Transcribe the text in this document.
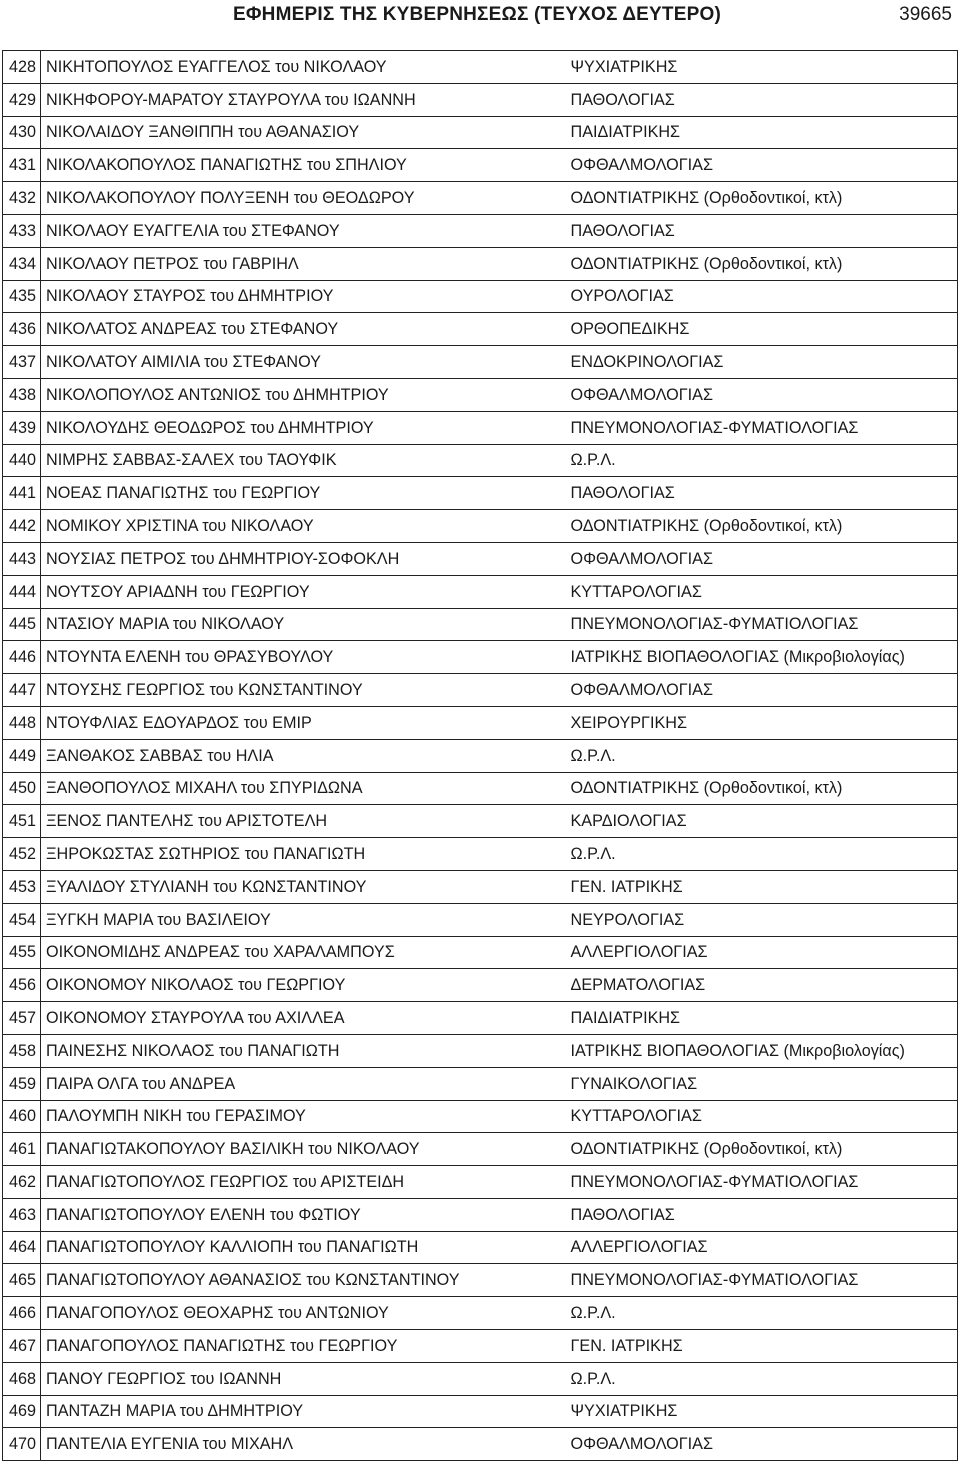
ΕΦΗΜΕΡΙΣ ΤΗΣ ΚΥΒΕΡΝΗΣΕΩΣ (ΤΕΥΧΟΣ ΔΕΥΤΕΡΟ)	39665
428	ΝΙΚΗΤΟΠΟΥΛΟΣ ΕΥΑΓΓΕΛΟΣ του ΝΙΚΟΛΑΟΥ	ΨΥΧΙΑΤΡΙΚΗΣ
429	ΝΙΚΗΦΟΡΟΥ-ΜΑΡΑΤΟΥ ΣΤΑΥΡΟΥΛΑ του ΙΩΑΝΝΗ	ΠΑΘΟΛΟΓΙΑΣ
430	ΝΙΚΟΛΑΙΔΟΥ ΞΑΝΘΙΠΠΗ του ΑΘΑΝΑΣΙΟΥ	ΠΑΙΔΙΑΤΡΙΚΗΣ
431	ΝΙΚΟΛΑΚΟΠΟΥΛΟΣ ΠΑΝΑΓΙΩΤΗΣ του ΣΠΗΛΙΟΥ	ΟΦΘΑΛΜΟΛΟΓΙΑΣ
432	ΝΙΚΟΛΑΚΟΠΟΥΛΟΥ ΠΟΛΥΞΕΝΗ του ΘΕΟΔΩΡΟΥ	ΟΔΟΝΤΙΑΤΡΙΚΗΣ (Ορθοδοντικοί, κτλ)
433	ΝΙΚΟΛΑΟΥ ΕΥΑΓΓΕΛΙΑ του ΣΤΕΦΑΝΟΥ	ΠΑΘΟΛΟΓΙΑΣ
434	ΝΙΚΟΛΑΟΥ ΠΕΤΡΟΣ του ΓΑΒΡΙΗΛ	ΟΔΟΝΤΙΑΤΡΙΚΗΣ (Ορθοδοντικοί, κτλ)
435	ΝΙΚΟΛΑΟΥ ΣΤΑΥΡΟΣ του ΔΗΜΗΤΡΙΟΥ	ΟΥΡΟΛΟΓΙΑΣ
436	ΝΙΚΟΛΑΤΟΣ ΑΝΔΡΕΑΣ του ΣΤΕΦΑΝΟΥ	ΟΡΘΟΠΕΔΙΚΗΣ
437	ΝΙΚΟΛΑΤΟΥ ΑΙΜΙΛΙΑ του ΣΤΕΦΑΝΟΥ	ΕΝΔΟΚΡΙΝΟΛΟΓΙΑΣ
438	ΝΙΚΟΛΟΠΟΥΛΟΣ ΑΝΤΩΝΙΟΣ του ΔΗΜΗΤΡΙΟΥ	ΟΦΘΑΛΜΟΛΟΓΙΑΣ
439	ΝΙΚΟΛΟΥΔΗΣ ΘΕΟΔΩΡΟΣ του ΔΗΜΗΤΡΙΟΥ	ΠΝΕΥΜΟΝΟΛΟΓΙΑΣ-ΦΥΜΑΤΙΟΛΟΓΙΑΣ
440	ΝΙΜΡΗΣ ΣΑΒΒΑΣ-ΣΑΛΕΧ του ΤΑΟΥΦΙΚ	Ω.Ρ.Λ.
441	ΝΟΕΑΣ ΠΑΝΑΓΙΩΤΗΣ του ΓΕΩΡΓΙΟΥ	ΠΑΘΟΛΟΓΙΑΣ
442	ΝΟΜΙΚΟΥ ΧΡΙΣΤΙΝΑ του ΝΙΚΟΛΑΟΥ	ΟΔΟΝΤΙΑΤΡΙΚΗΣ (Ορθοδοντικοί, κτλ)
443	ΝΟΥΣΙΑΣ ΠΕΤΡΟΣ του ΔΗΜΗΤΡΙΟΥ-ΣΟΦΟΚΛΗ	ΟΦΘΑΛΜΟΛΟΓΙΑΣ
444	ΝΟΥΤΣΟΥ ΑΡΙΑΔΝΗ του ΓΕΩΡΓΙΟΥ	ΚΥΤΤΑΡΟΛΟΓΙΑΣ
445	ΝΤΑΣΙΟΥ ΜΑΡΙΑ του ΝΙΚΟΛΑΟΥ	ΠΝΕΥΜΟΝΟΛΟΓΙΑΣ-ΦΥΜΑΤΙΟΛΟΓΙΑΣ
446	ΝΤΟΥΝΤΑ ΕΛΕΝΗ του ΘΡΑΣΥΒΟΥΛΟΥ	ΙΑΤΡΙΚΗΣ ΒΙΟΠΑΘΟΛΟΓΙΑΣ (Μικροβιολογίας)
447	ΝΤΟΥΣΗΣ ΓΕΩΡΓΙΟΣ του ΚΩΝΣΤΑΝΤΙΝΟΥ	ΟΦΘΑΛΜΟΛΟΓΙΑΣ
448	ΝΤΟΥΦΛΙΑΣ ΕΔΟΥΑΡΔΟΣ του ΕΜΙΡ	ΧΕΙΡΟΥΡΓΙΚΗΣ
449	ΞΑΝΘΑΚΟΣ ΣΑΒΒΑΣ του ΗΛΙΑ	Ω.Ρ.Λ.
450	ΞΑΝΘΟΠΟΥΛΟΣ ΜΙΧΑΗΛ του ΣΠΥΡΙΔΩΝΑ	ΟΔΟΝΤΙΑΤΡΙΚΗΣ (Ορθοδοντικοί, κτλ)
451	ΞΕΝΟΣ ΠΑΝΤΕΛΗΣ του ΑΡΙΣΤΟΤΕΛΗ	ΚΑΡΔΙΟΛΟΓΙΑΣ
452	ΞΗΡΟΚΩΣΤΑΣ ΣΩΤΗΡΙΟΣ του ΠΑΝΑΓΙΩΤΗ	Ω.Ρ.Λ.
453	ΞΥΑΛΙΔΟΥ ΣΤΥΛΙΑΝΗ του ΚΩΝΣΤΑΝΤΙΝΟΥ	ΓΕΝ. ΙΑΤΡΙΚΗΣ
454	ΞΥΓΚΗ ΜΑΡΙΑ του ΒΑΣΙΛΕΙΟΥ	ΝΕΥΡΟΛΟΓΙΑΣ
455	ΟΙΚΟΝΟΜΙΔΗΣ ΑΝΔΡΕΑΣ του ΧΑΡΑΛΑΜΠΟΥΣ	ΑΛΛΕΡΓΙΟΛΟΓΙΑΣ
456	ΟΙΚΟΝΟΜΟΥ ΝΙΚΟΛΑΟΣ του ΓΕΩΡΓΙΟΥ	ΔΕΡΜΑΤΟΛΟΓΙΑΣ
457	ΟΙΚΟΝΟΜΟΥ ΣΤΑΥΡΟΥΛΑ του ΑΧΙΛΛΕΑ	ΠΑΙΔΙΑΤΡΙΚΗΣ
458	ΠΑΙΝΕΣΗΣ ΝΙΚΟΛΑΟΣ του ΠΑΝΑΓΙΩΤΗ	ΙΑΤΡΙΚΗΣ ΒΙΟΠΑΘΟΛΟΓΙΑΣ (Μικροβιολογίας)
459	ΠΑΙΡΑ ΟΛΓΑ του ΑΝΔΡΕΑ	ΓΥΝΑΙΚΟΛΟΓΙΑΣ
460	ΠΑΛΟΥΜΠΗ ΝΙΚΗ του ΓΕΡΑΣΙΜΟΥ	ΚΥΤΤΑΡΟΛΟΓΙΑΣ
461	ΠΑΝΑΓΙΩΤΑΚΟΠΟΥΛΟΥ ΒΑΣΙΛΙΚΗ του ΝΙΚΟΛΑΟΥ	ΟΔΟΝΤΙΑΤΡΙΚΗΣ (Ορθοδοντικοί, κτλ)
462	ΠΑΝΑΓΙΩΤΟΠΟΥΛΟΣ ΓΕΩΡΓΙΟΣ του ΑΡΙΣΤΕΙΔΗ	ΠΝΕΥΜΟΝΟΛΟΓΙΑΣ-ΦΥΜΑΤΙΟΛΟΓΙΑΣ
463	ΠΑΝΑΓΙΩΤΟΠΟΥΛΟΥ ΕΛΕΝΗ του ΦΩΤΙΟΥ	ΠΑΘΟΛΟΓΙΑΣ
464	ΠΑΝΑΓΙΩΤΟΠΟΥΛΟΥ ΚΑΛΛΙΟΠΗ του ΠΑΝΑΓΙΩΤΗ	ΑΛΛΕΡΓΙΟΛΟΓΙΑΣ
465	ΠΑΝΑΓΙΩΤΟΠΟΥΛΟΥ ΑΘΑΝΑΣΙΟΣ του ΚΩΝΣΤΑΝΤΙΝΟΥ	ΠΝΕΥΜΟΝΟΛΟΓΙΑΣ-ΦΥΜΑΤΙΟΛΟΓΙΑΣ
466	ΠΑΝΑΓΟΠΟΥΛΟΣ ΘΕΟΧΑΡΗΣ του ΑΝΤΩΝΙΟΥ	Ω.Ρ.Λ.
467	ΠΑΝΑΓΟΠΟΥΛΟΣ ΠΑΝΑΓΙΩΤΗΣ του ΓΕΩΡΓΙΟΥ	ΓΕΝ. ΙΑΤΡΙΚΗΣ
468	ΠΑΝΟΥ ΓΕΩΡΓΙΟΣ του ΙΩΑΝΝΗ	Ω.Ρ.Λ.
469	ΠΑΝΤΑΖΗ ΜΑΡΙΑ του ΔΗΜΗΤΡΙΟΥ	ΨΥΧΙΑΤΡΙΚΗΣ
470	ΠΑΝΤΕΛΙΑ ΕΥΓΕΝΙΑ του ΜΙΧΑΗΛ	ΟΦΘΑΛΜΟΛΟΓΙΑΣ
